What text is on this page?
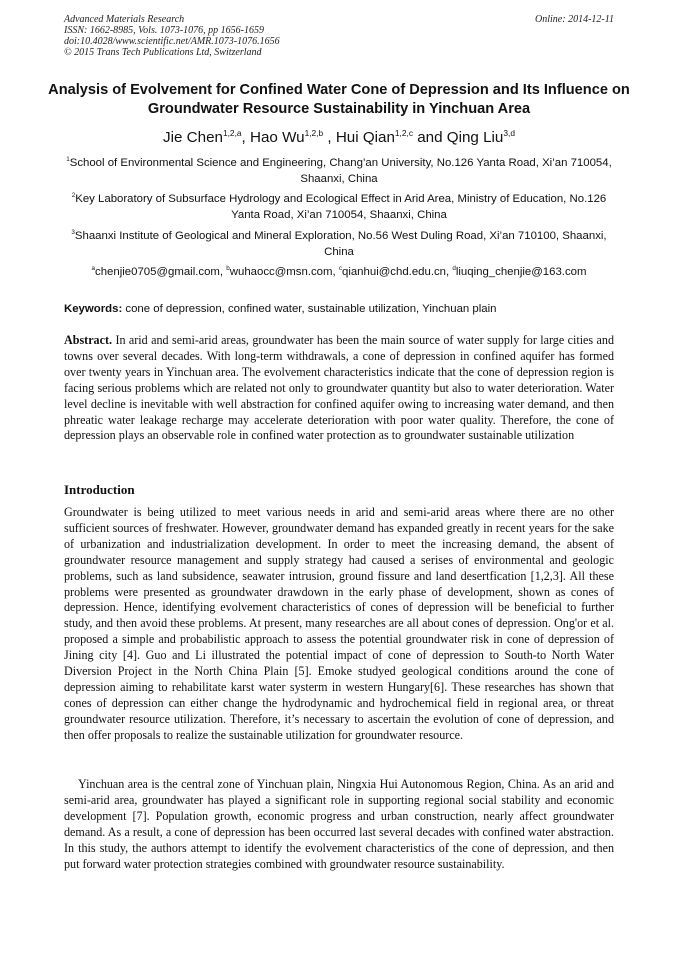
Advanced Materials Research
ISSN: 1662-8985, Vols. 1073-1076, pp 1656-1659
doi:10.4028/www.scientific.net/AMR.1073-1076.1656
© 2015 Trans Tech Publications Ltd, Switzerland
Online: 2014-12-11
Analysis of Evolvement for Confined Water Cone of Depression and Its Influence on Groundwater Resource Sustainability in Yinchuan Area
Jie Chen$^{1,2,a}$, Hao Wu$^{1,2,b}$ , Hui Qian$^{1,2,c}$ and Qing Liu$^{3,d}$
$^1$School of Environmental Science and Engineering, Chang’an University, No.126 Yanta Road, Xi’an 710054, Shaanxi, China
$^2$Key Laboratory of Subsurface Hydrology and Ecological Effect in Arid Area, Ministry of Education, No.126 Yanta Road, Xi’an 710054, Shaanxi, China
$^3$Shaanxi Institute of Geological and Mineral Exploration, No.56 West Duling Road, Xi’an 710100, Shaanxi, China
$^a$chenjie0705@gmail.com, $^b$wuhaocc@msn.com, $^c$qianhui@chd.edu.cn, $^d$liuqing_chenjie@163.com
Keywords: cone of depression, confined water, sustainable utilization, Yinchuan plain
Abstract. In arid and semi-arid areas, groundwater has been the main source of water supply for large cities and towns over several decades. With long-term withdrawals, a cone of depression in confined aquifer has formed over twenty years in Yinchuan area. The evolvement characteristics indicate that the cone of depression region is facing serious problems which are related not only to groundwater quantity but also to water deterioration. Water level decline is inevitable with well abstraction for confined aquifer owing to increasing water demand, and then phreatic water leakage recharge may accelerate deterioration with poor water quality. Therefore, the cone of depression plays an observable role in confined water protection as to groundwater sustainable utilization
Introduction

Groundwater is being utilized to meet various needs in arid and semi-arid areas where there are no other sufficient sources of freshwater. However, groundwater demand has expanded greatly in recent years for the sake of urbanization and industrialization development. In order to meet the increasing demand, the absent of groundwater resource management and supply strategy had caused a serises of environmental and geologic problems, such as land subsidence, seawater intrusion, ground fissure and land desertfication [1,2,3]. All these problems were presented as groundwater drawdown in the early phase of development, shown as cones of depression. Hence, identifying evolvement characteristics of cones of depression will be beneficial to further study, and then avoid these problems. At present, many researches are all about cones of depression. Ong'or et al. proposed a simple and probabilistic approach to assess the potential groundwater risk in cone of depression of Jining city [4]. Guo and Li illustrated the potential impact of cone of depression to South-to North Water Diversion Project in the North China Plain [5]. Emoke studyed geological conditions around the cone of depression aiming to rehabilitate karst water systerm in western Hungary[6]. These researches has shown that cones of depression can either change the hydrodynamic and hydrochemical field in regional area, or threat groundwater resource utilization. Therefore, it’s necessary to ascertain the evolution of cone of depression, and then offer proposals to realize the sustainable utilization for groundwater resource.

Yinchuan area is the central zone of Yinchuan plain, Ningxia Hui Autonomous Region, China. As an arid and semi-arid area, groundwater has played a significant role in supporting regional social stability and economic development [7]. Population growth, economic progress and urban construction, nearly affect groundwater demand. As a result, a cone of depression has been occurred last several decades with confined water abstraction. In this study, the authors attempt to identify the evolvement characteristics of the cone of depression, and then put forward water protection strategies combined with groundwater resource sustainability.
